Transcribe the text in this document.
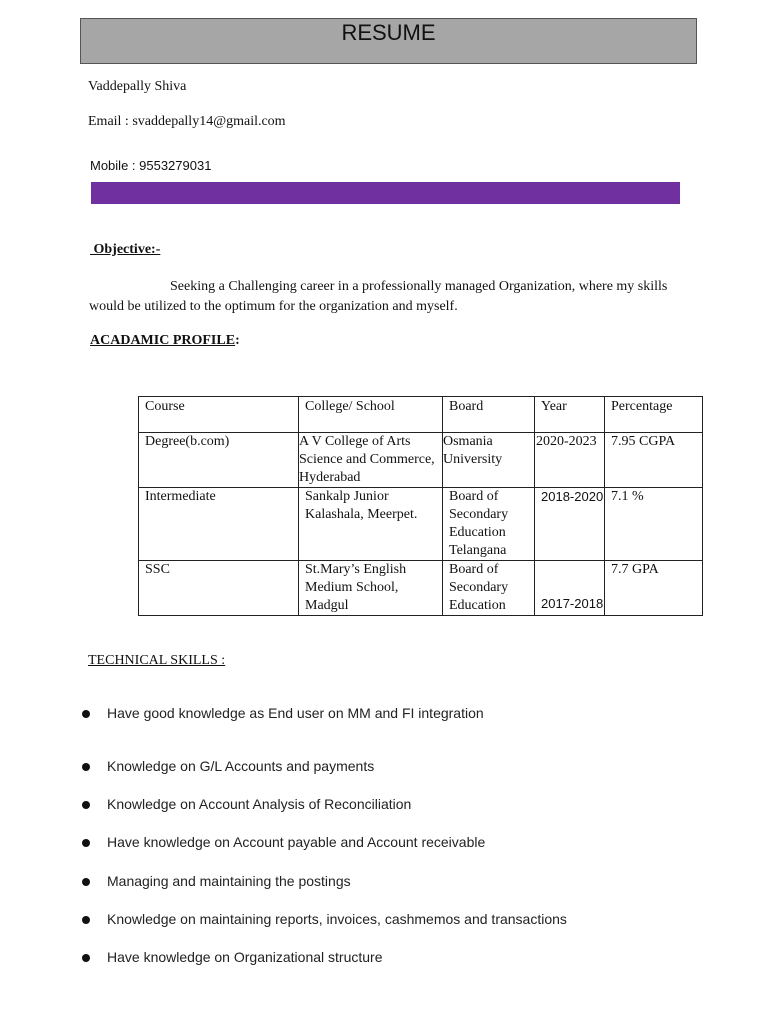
RESUME
Vaddepally Shiva
Email : svaddepally14@gmail.com
Mobile : 9553279031
Objective:-
Seeking a Challenging career in a professionally managed Organization, where my skills would be utilized to the optimum for the organization and myself.
ACADAMIC PROFILE:
Course	College/ School	Board	Year	Percentage
Degree(b.com)	A V College of Arts Science and Commerce, Hyderabad	Osmania University	2020-2023	7.95 CGPA
Intermediate	Sankalp Junior Kalashala, Meerpet.	Board of Secondary Education Telangana	2018-2020	7.1 %
SSC	St.Mary’s English Medium School, Madgul	Board of Secondary Education	2017-2018	7.7 GPA
TECHNICAL SKILLS :
Have good knowledge as End user on MM and FI integration
Knowledge on G/L Accounts and payments
Knowledge on Account Analysis of Reconciliation
Have knowledge on Account payable and Account receivable
Managing and maintaining the postings
Knowledge on maintaining reports, invoices, cashmemos and transactions
Have knowledge on Organizational structure
